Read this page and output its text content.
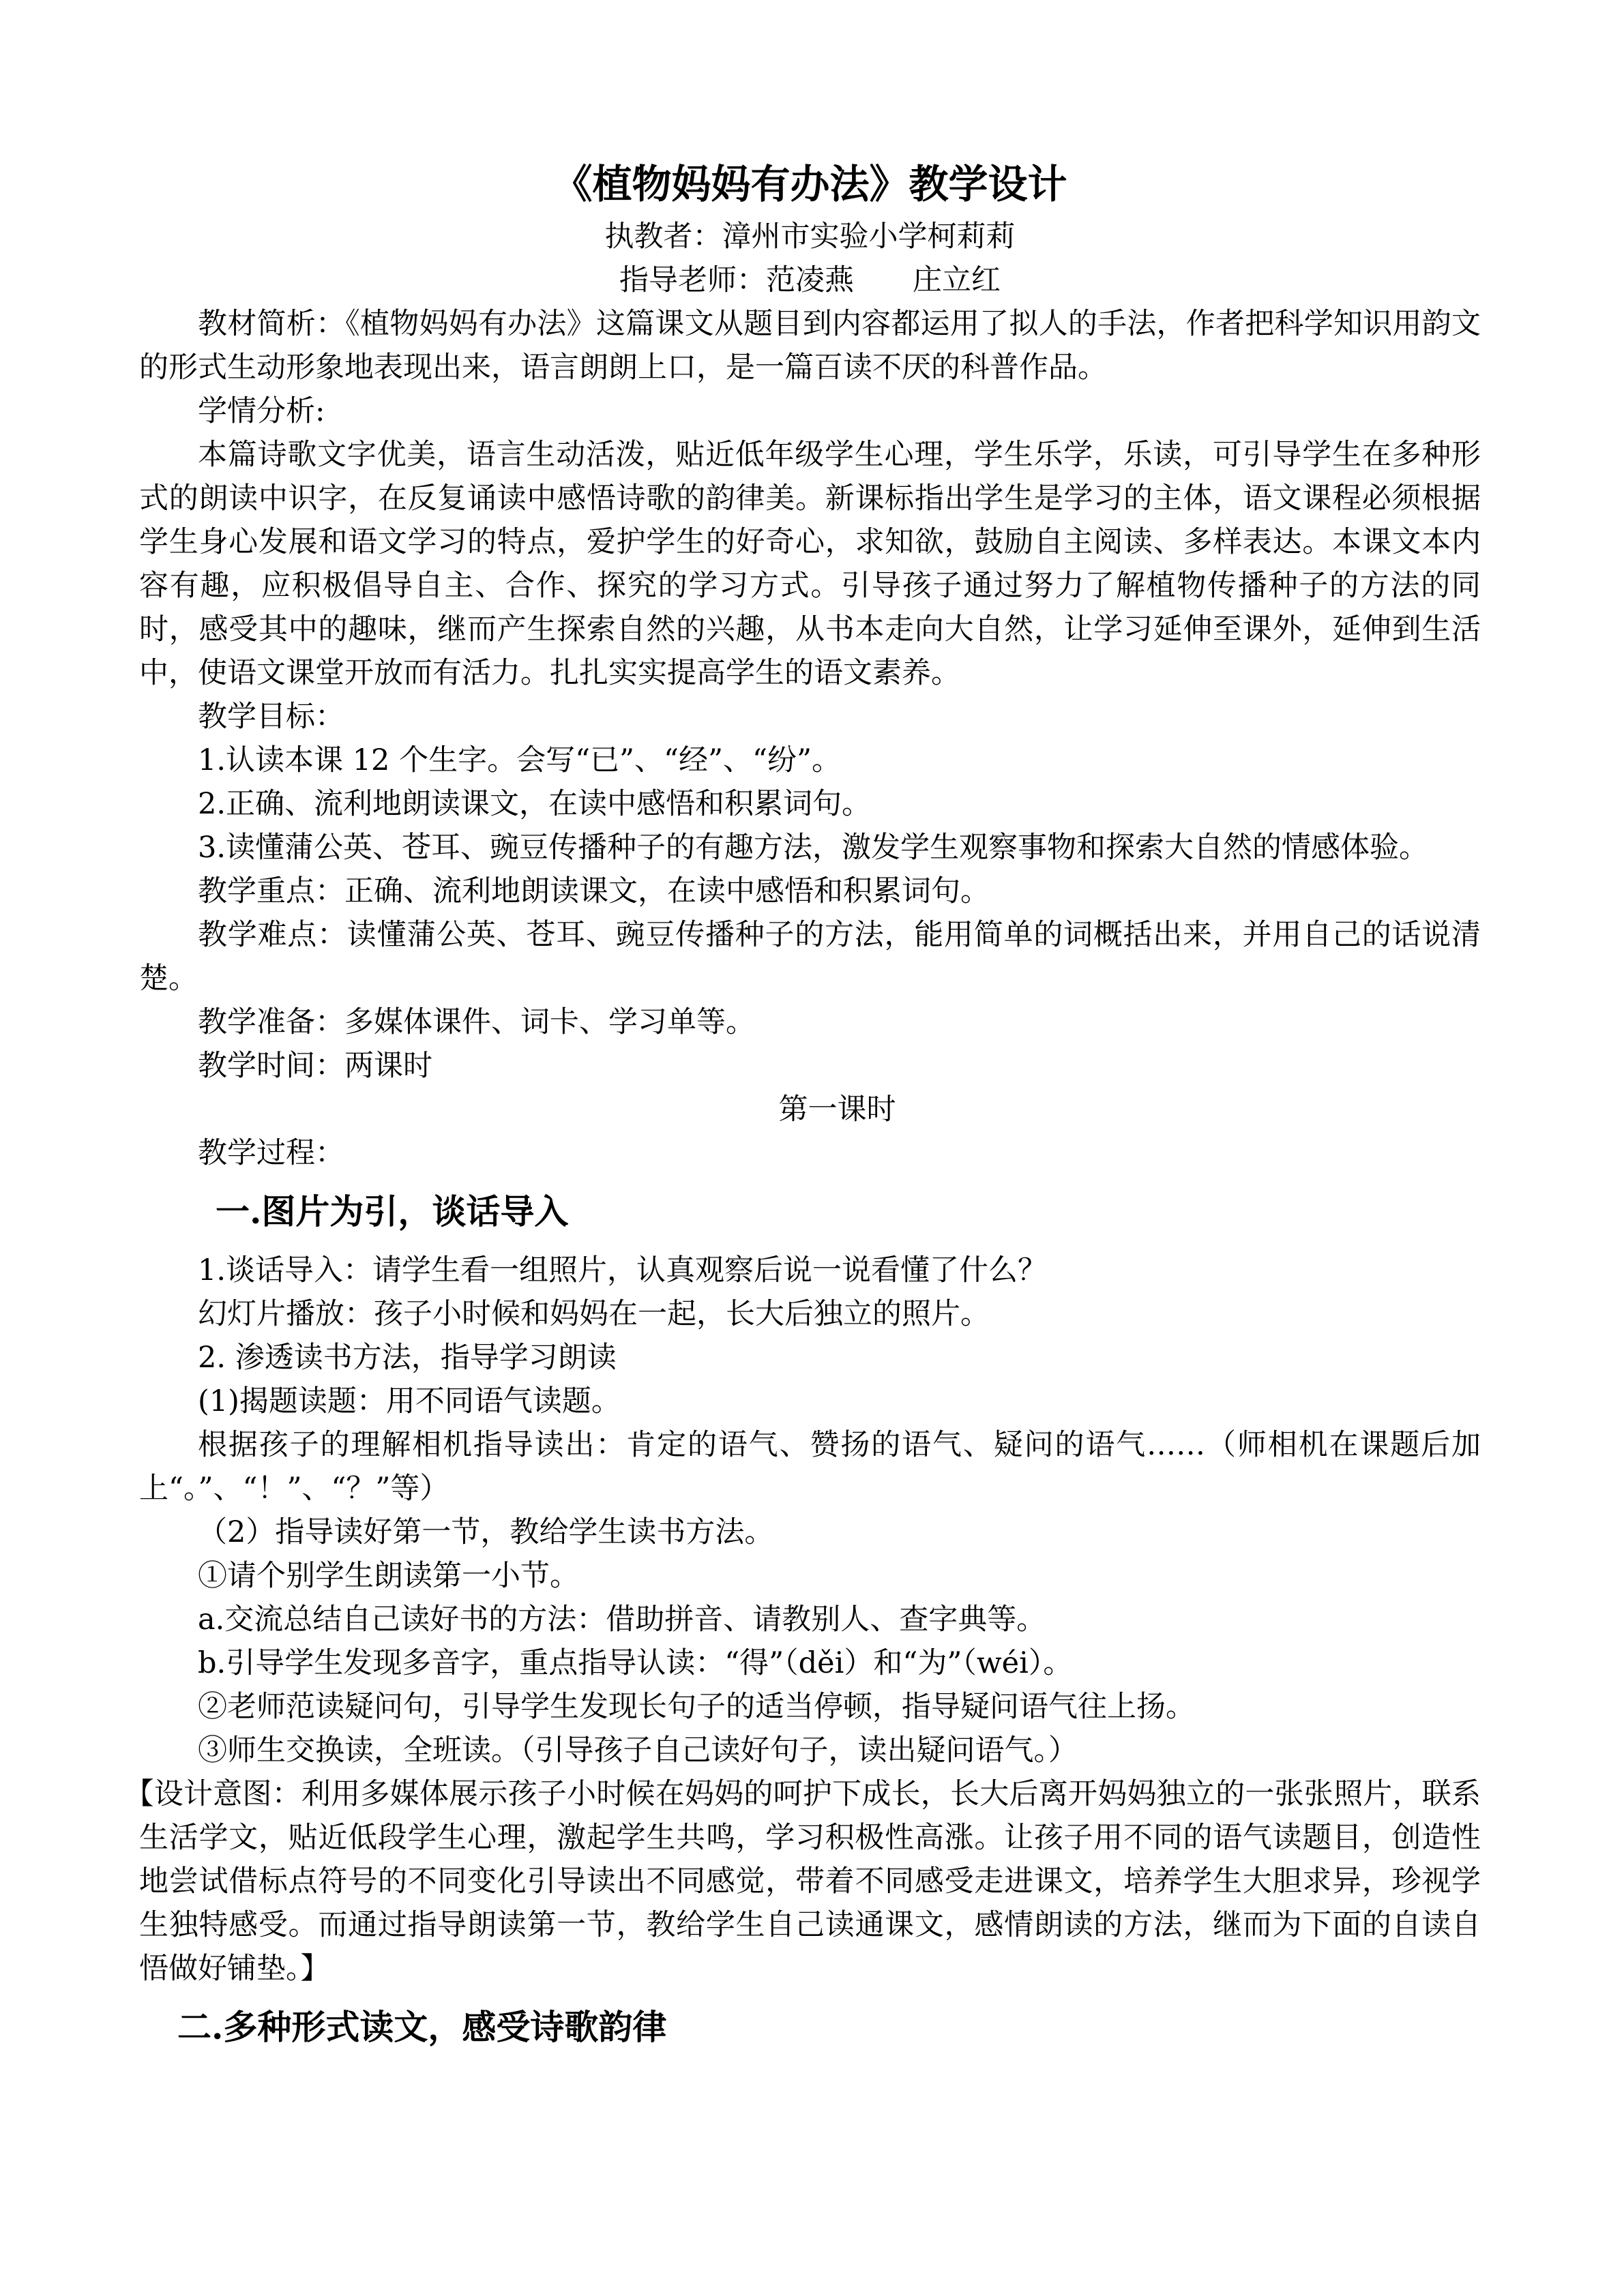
《植物妈妈有办法》教学设计

执教者：漳州市实验小学柯莉莉

指导老师：范凌燕　　庄立红

教材简析：《植物妈妈有办法》这篇课文从题目到内容都运用了拟人的手法，作者把科学知识用韵文的形式生动形象地表现出来，语言朗朗上口，是一篇百读不厌的科普作品。

学情分析:

本篇诗歌文字优美，语言生动活泼，贴近低年级学生心理，学生乐学，乐读，可引导学生在多种形式的朗读中识字，在反复诵读中感悟诗歌的韵律美。新课标指出学生是学习的主体，语文课程必须根据学生身心发展和语文学习的特点，爱护学生的好奇心，求知欲，鼓励自主阅读、多样表达。本课文本内容有趣，应积极倡导自主、合作、探究的学习方式。引导孩子通过努力了解植物传播种子的方法的同时，感受其中的趣味，继而产生探索自然的兴趣，从书本走向大自然，让学习延伸至课外，延伸到生活中，使语文课堂开放而有活力。扎扎实实提高学生的语文素养。

教学目标：

1.认读本课 12 个生字。会写“已”、“经”、“纷”。

2.正确、流利地朗读课文，在读中感悟和积累词句。

3.读懂蒲公英、苍耳、豌豆传播种子的有趣方法，激发学生观察事物和探索大自然的情感体验。

教学重点：正确、流利地朗读课文，在读中感悟和积累词句。

教学难点：读懂蒲公英、苍耳、豌豆传播种子的方法，能用简单的词概括出来，并用自己的话说清楚。

教学准备：多媒体课件、词卡、学习单等。

教学时间：两课时

第一课时

教学过程：

一.图片为引，谈话导入

1.谈话导入：请学生看一组照片，认真观察后说一说看懂了什么？

幻灯片播放：孩子小时候和妈妈在一起，长大后独立的照片。

2. 渗透读书方法，指导学习朗读

(1)揭题读题：用不同语气读题。

根据孩子的理解相机指导读出：肯定的语气、赞扬的语气、疑问的语气……（师相机在课题后加上“。”、“！”、“？”等）

（2）指导读好第一节，教给学生读书方法。

①请个别学生朗读第一小节。

a.交流总结自己读好书的方法：借助拼音、请教别人、查字典等。

b.引导学生发现多音字，重点指导认读：“得”（děi）和“为”（wéi）。

②老师范读疑问句，引导学生发现长句子的适当停顿，指导疑问语气往上扬。

③师生交换读，全班读。（引导孩子自己读好句子，读出疑问语气。）

【设计意图：利用多媒体展示孩子小时候在妈妈的呵护下成长，长大后离开妈妈独立的一张张照片，联系生活学文，贴近低段学生心理，激起学生共鸣，学习积极性高涨。让孩子用不同的语气读题目，创造性地尝试借标点符号的不同变化引导读出不同感觉，带着不同感受走进课文，培养学生大胆求异，珍视学生独特感受。而通过指导朗读第一节，教给学生自己读通课文，感情朗读的方法，继而为下面的自读自悟做好铺垫。】

二.多种形式读文，感受诗歌韵律
